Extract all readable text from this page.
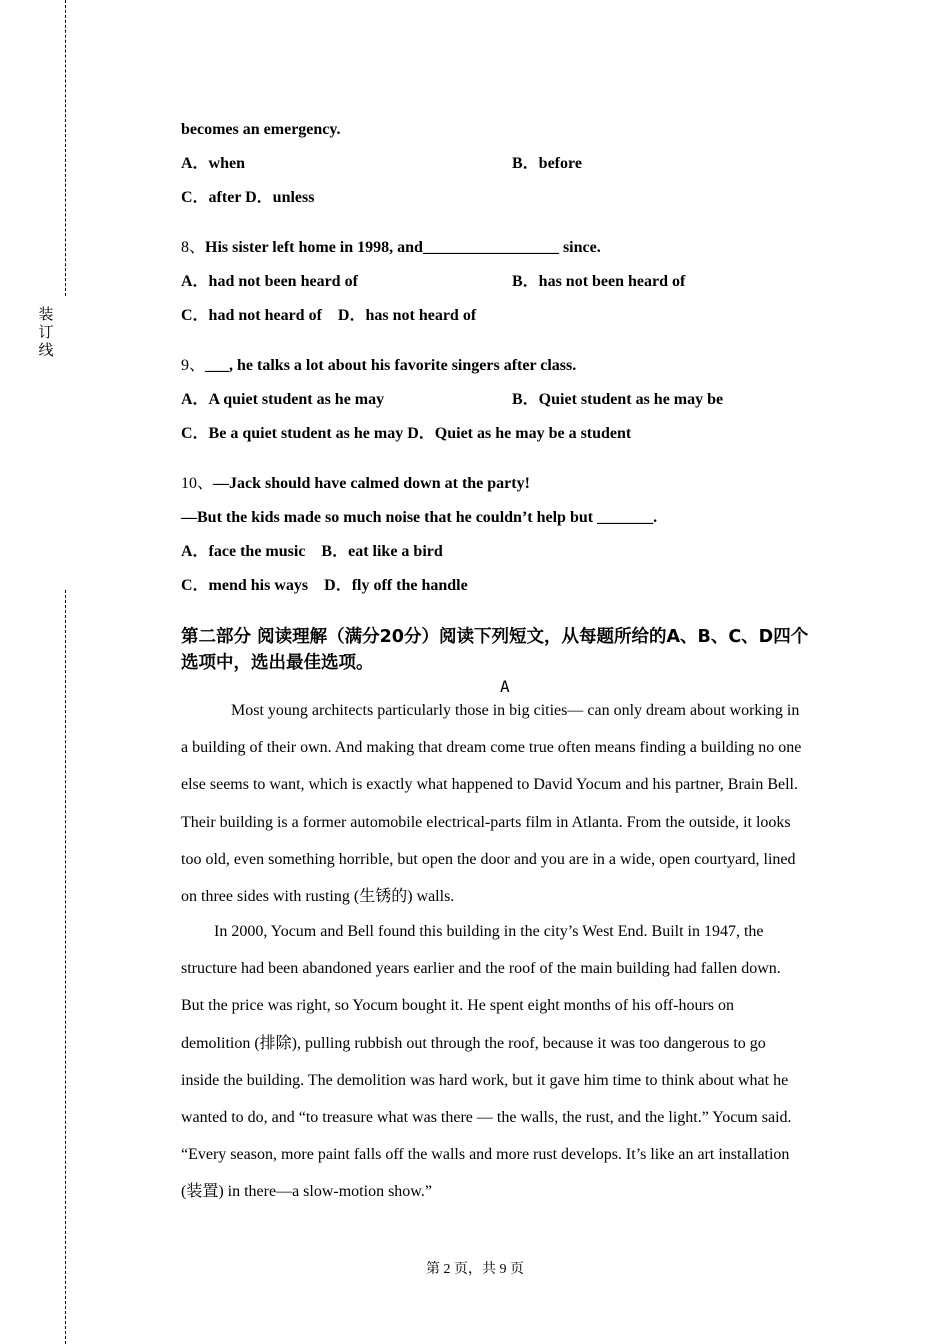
装
订
线
becomes an emergency.
A．when	B．before
C．after D．unless
8、His sister left home in 1998, and_________________ since.
A．had not been heard of	B．has not been heard of
C．had not heard of D．has not heard of
9、___, he talks a lot about his favorite singers after class.
A．A quiet student as he may	B．Quiet student as he may be
C．Be a quiet student as he may D．Quiet as he may be a student
10、—Jack should have calmed down at the party!
—But the kids made so much noise that he couldn’t help but _______.
A．face the music B．eat like a bird
C．mend his ways D．fly off the handle
第二部分 阅读理解（满分20分）阅读下列短文，从每题所给的A、B、C、D四个
选项中，选出最佳选项。
A
Most young architects particularly those in big cities— can only dream about working in
a building of their own. And making that dream come true often means finding a building no one
else seems to want, which is exactly what happened to David Yocum and his partner, Brain Bell.
Their building is a former automobile electrical-parts film in Atlanta. From the outside, it looks
too old, even something horrible, but open the door and you are in a wide, open courtyard, lined
on three sides with rusting (生锈的) walls.
In 2000, Yocum and Bell found this building in the city’s West End. Built in 1947, the
structure had been abandoned years earlier and the roof of the main building had fallen down.
But the price was right, so Yocum bought it. He spent eight months of his off-hours on
demolition (排除), pulling rubbish out through the roof, because it was too dangerous to go
inside the building. The demolition was hard work, but it gave him time to think about what he
wanted to do, and “to treasure what was there — the walls, the rust, and the light.” Yocum said.
“Every season, more paint falls off the walls and more rust develops. It’s like an art installation
(装置) in there—a slow-motion show.”
第 2 页，共 9 页
